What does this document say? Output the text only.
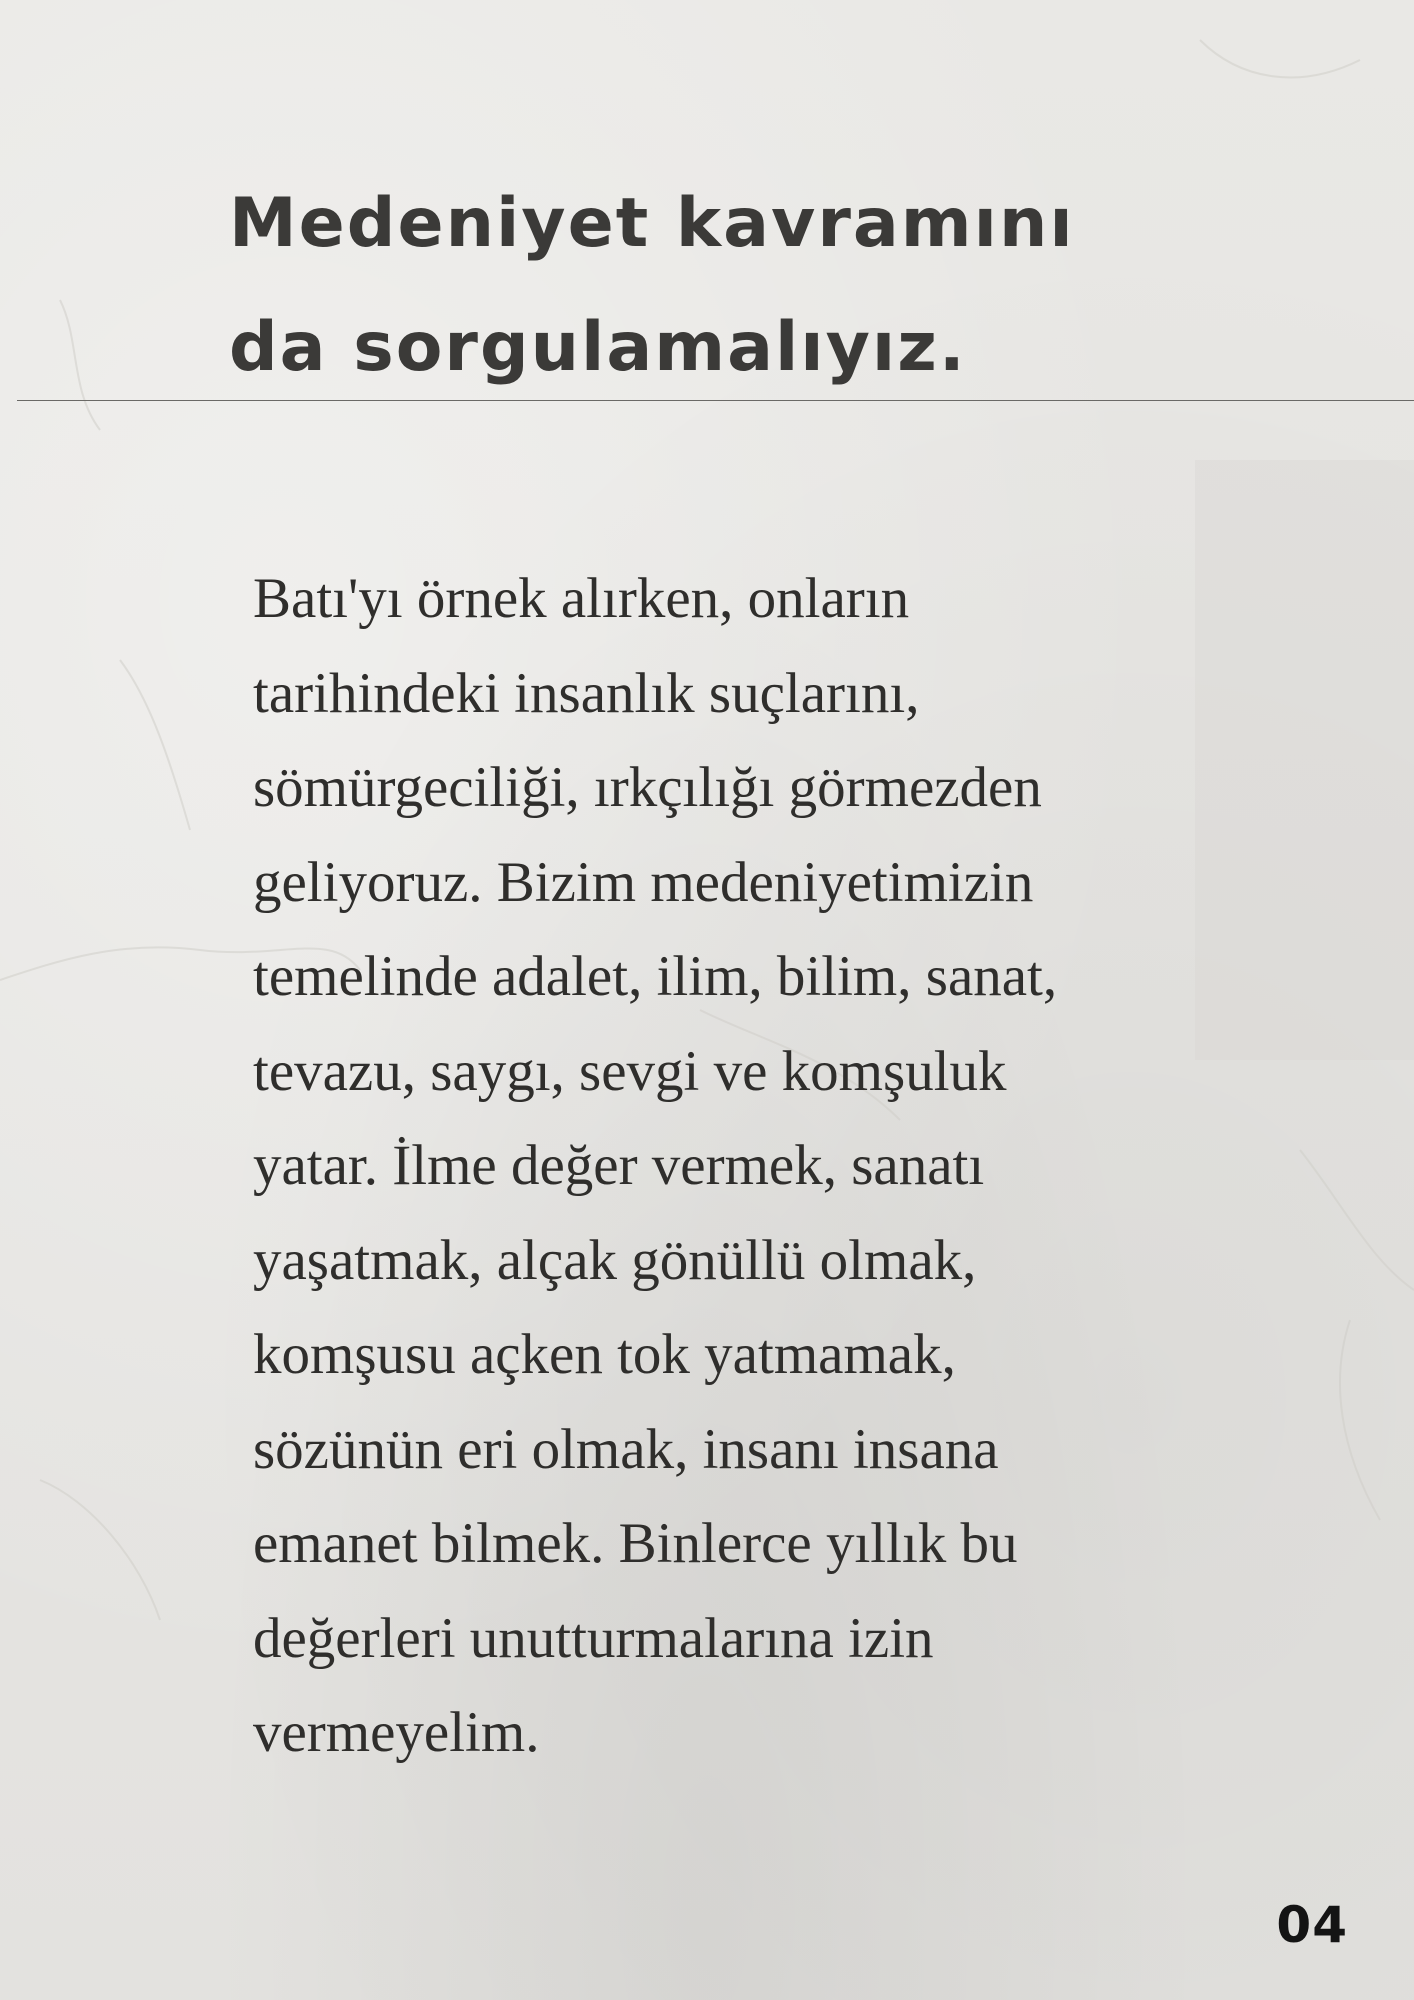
Medeniyet kavramını
da sorgulamalıyız.

Batı'yı örnek alırken, onların
tarihindeki insanlık suçlarını,
sömürgeciliği, ırkçılığı görmezden
geliyoruz. Bizim medeniyetimizin
temelinde adalet, ilim, bilim, sanat,
tevazu, saygı, sevgi ve komşuluk
yatar. İlme değer vermek, sanatı
yaşatmak, alçak gönüllü olmak,
komşusu açken tok yatmamak,
sözünün eri olmak, insanı insana
emanet bilmek. Binlerce yıllık bu
değerleri unutturmalarına izin
vermeyelim.

04
